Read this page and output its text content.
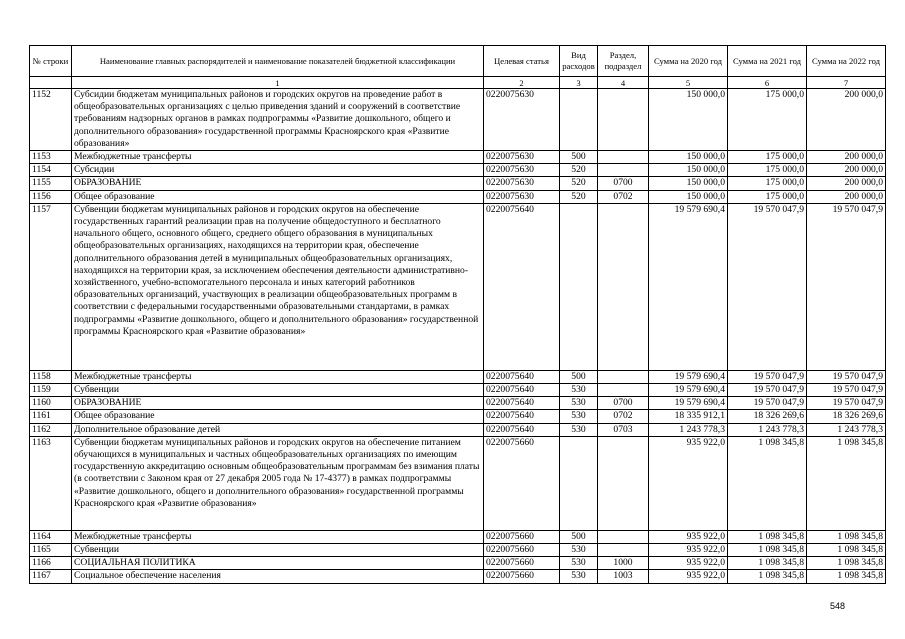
№ строки	Наименование главных распорядителей и наименование показателей бюджетной классификации	Целевая статья	Вид расходов	Раздел, подраздел	Сумма на 2020 год	Сумма на 2021 год	Сумма на 2022 год
	1	2	3	4	5	6	7
1152	Субсидии бюджетам муниципальных районов и городских округов на проведение работ в общеобразовательных организациях с целью приведения зданий и сооружений в соответствие требованиям надзорных органов в рамках подпрограммы «Развитие дошкольного, общего и дополнительного образования» государственной программы Красноярского края «Развитие образования»	0220075630			150 000,0	175 000,0	200 000,0
1153	Межбюджетные трансферты	0220075630	500		150 000,0	175 000,0	200 000,0
1154	Субсидии	0220075630	520		150 000,0	175 000,0	200 000,0
1155	ОБРАЗОВАНИЕ	0220075630	520	0700	150 000,0	175 000,0	200 000,0
1156	Общее образование	0220075630	520	0702	150 000,0	175 000,0	200 000,0
1157	Субвенции бюджетам муниципальных районов и городских округов на обеспечение государственных гарантий реализации прав на получение общедоступного и бесплатного начального общего, основного общего, среднего общего образования в муниципальных общеобразовательных организациях, находящихся на территории края, обеспечение дополнительного образования детей в муниципальных общеобразовательных организациях, находящихся на территории края, за исключением обеспечения деятельности административно-хозяйственного, учебно-вспомогательного персонала и иных категорий работников образовательных организаций, участвующих в реализации общеобразовательных программ в соответствии с федеральными государственными образовательными стандартами, в рамках подпрограммы «Развитие дошкольного, общего и дополнительного образования» государственной программы Красноярского края «Развитие образования»	0220075640			19 579 690,4	19 570 047,9	19 570 047,9
1158	Межбюджетные трансферты	0220075640	500		19 579 690,4	19 570 047,9	19 570 047,9
1159	Субвенции	0220075640	530		19 579 690,4	19 570 047,9	19 570 047,9
1160	ОБРАЗОВАНИЕ	0220075640	530	0700	19 579 690,4	19 570 047,9	19 570 047,9
1161	Общее образование	0220075640	530	0702	18 335 912,1	18 326 269,6	18 326 269,6
1162	Дополнительное образование детей	0220075640	530	0703	1 243 778,3	1 243 778,3	1 243 778,3
1163	Субвенции бюджетам муниципальных районов и городских округов на обеспечение питанием обучающихся в муниципальных и частных общеобразовательных организациях по имеющим государственную аккредитацию основным общеобразовательным программам без взимания платы (в соответствии с Законом края от 27 декабря 2005 года № 17-4377) в рамках подпрограммы «Развитие дошкольного, общего и дополнительного образования» государственной программы Красноярского края «Развитие образования»	0220075660			935 922,0	1 098 345,8	1 098 345,8
1164	Межбюджетные трансферты	0220075660	500		935 922,0	1 098 345,8	1 098 345,8
1165	Субвенции	0220075660	530		935 922,0	1 098 345,8	1 098 345,8
1166	СОЦИАЛЬНАЯ ПОЛИТИКА	0220075660	530	1000	935 922,0	1 098 345,8	1 098 345,8
1167	Социальное обеспечение населения	0220075660	530	1003	935 922,0	1 098 345,8	1 098 345,8
548
